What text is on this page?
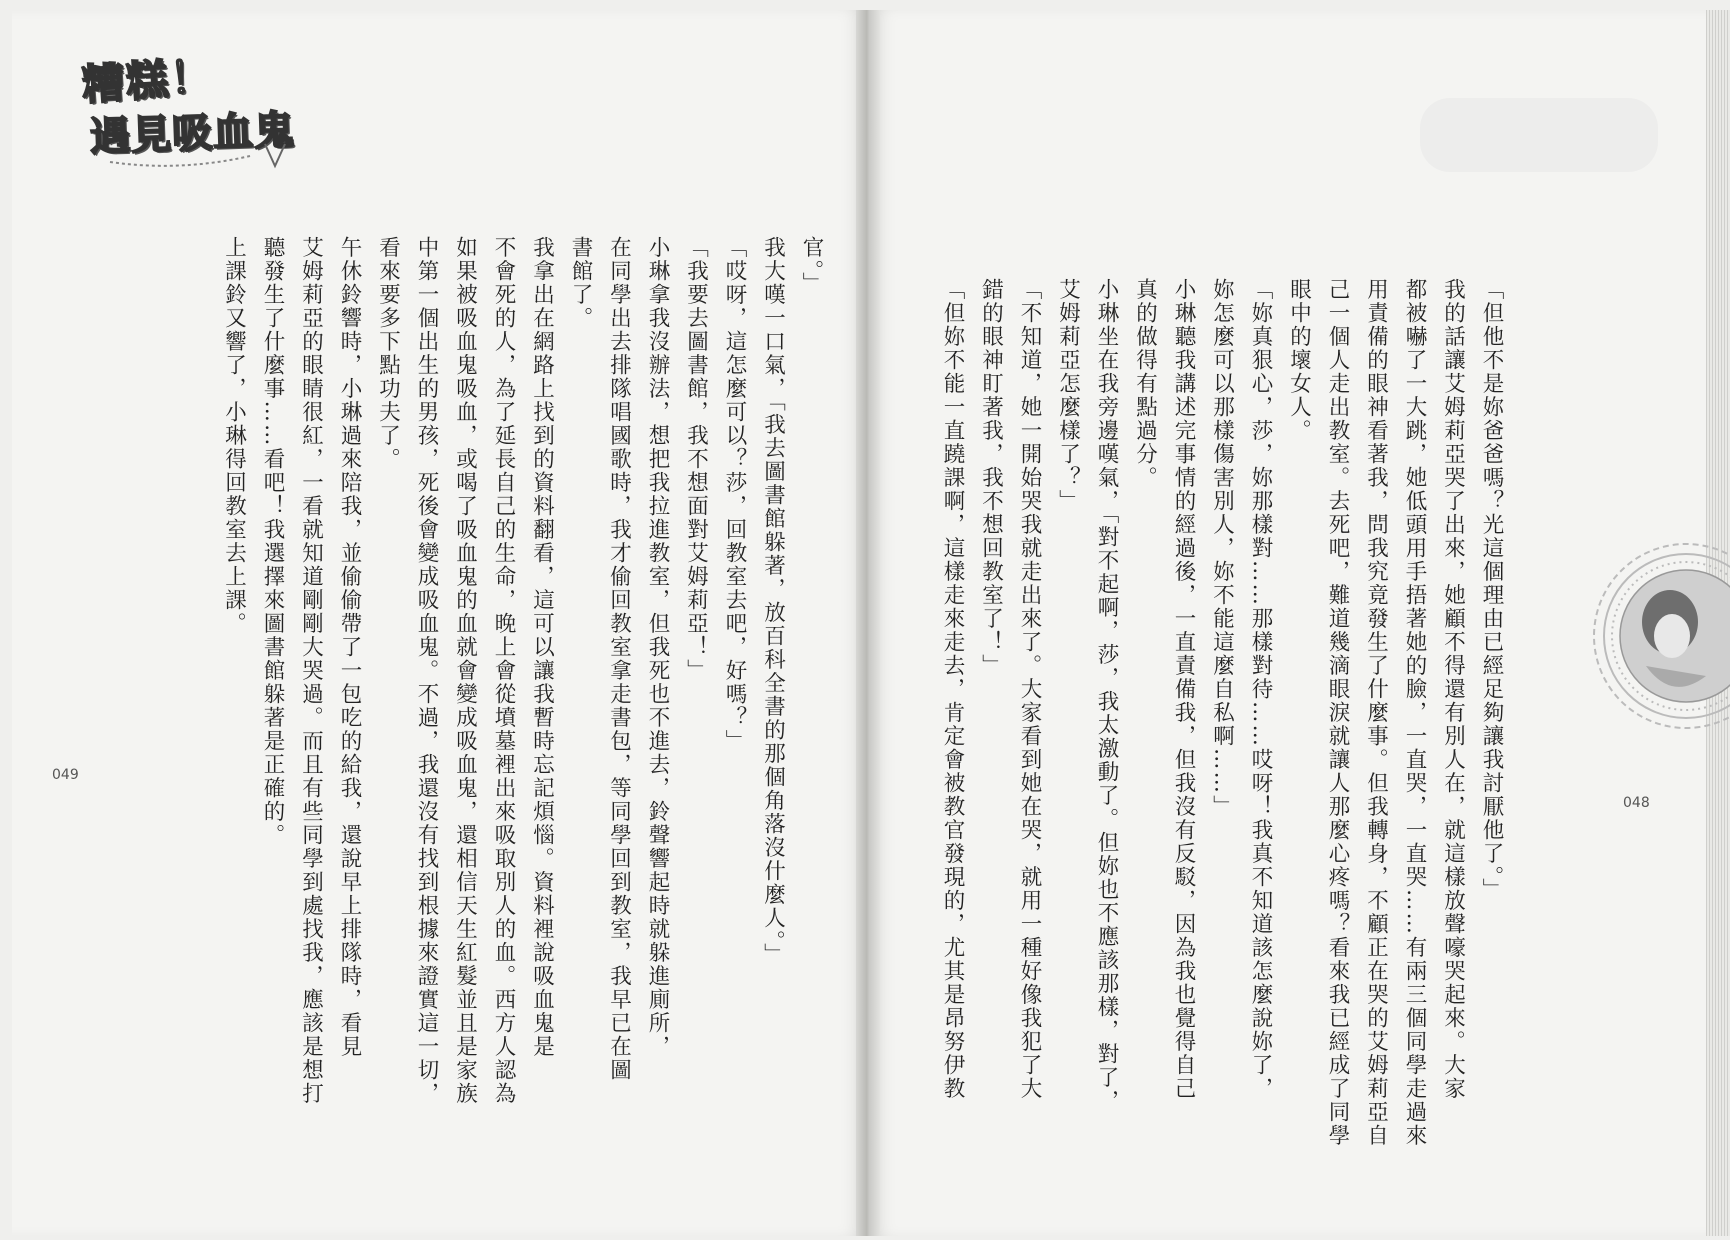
糟糕！
遇見吸血鬼

官。」

我大嘆一口氣，「我去圖書館躲著，放百科全書的那個角落沒什麼人。」

「哎呀，這怎麼可以？莎，回教室去吧，好嗎？」

「我要去圖書館，我不想面對艾姆莉亞！」

小琳拿我沒辦法，想把我拉進教室，但我死也不進去，鈴聲響起時就躲進廁所，

在同學出去排隊唱國歌時，我才偷回教室拿走書包，等同學回到教室，我早已在圖

書館了。

我拿出在網路上找到的資料翻看，這可以讓我暫時忘記煩惱。資料裡說吸血鬼是

不會死的人，為了延長自己的生命，晚上會從墳墓裡出來吸取別人的血。西方人認為

如果被吸血鬼吸血，或喝了吸血鬼的血就會變成吸血鬼，還相信天生紅髮並且是家族

中第一個出生的男孩，死後會變成吸血鬼。不過，我還沒有找到根據來證實這一切，

看來要多下點功夫了。

午休鈴響時，小琳過來陪我，並偷偷帶了一包吃的給我，還說早上排隊時，看見

艾姆莉亞的眼睛很紅，一看就知道剛剛大哭過。而且有些同學到處找我，應該是想打

聽發生了什麼事……看吧！我選擇來圖書館躲著是正確的。

上課鈴又響了，小琳得回教室去上課。

049	「但他不是妳爸爸嗎？光這個理由已經足夠讓我討厭他了。」

我的話讓艾姆莉亞哭了出來，她顧不得還有別人在，就這樣放聲嚎哭起來。大家

都被嚇了一大跳，她低頭用手捂著她的臉，一直哭，一直哭……有兩三個同學走過來

用責備的眼神看著我，問我究竟發生了什麼事。但我轉身，不顧正在哭的艾姆莉亞自

己一個人走出教室。去死吧，難道幾滴眼淚就讓人那麼心疼嗎？看來我已經成了同學

眼中的壞女人。

「妳真狠心，莎，妳那樣對……那樣對待……哎呀！我真不知道該怎麼說妳了，

妳怎麼可以那樣傷害別人，妳不能這麼自私啊……」

小琳聽我講述完事情的經過後，一直責備我，但我沒有反駁，因為我也覺得自己

真的做得有點過分。

小琳坐在我旁邊嘆氣，「對不起啊，莎，我太激動了。但妳也不應該那樣，對了，

艾姆莉亞怎麼樣了？」

「不知道，她一開始哭我就走出來了。大家看到她在哭，就用一種好像我犯了大

錯的眼神盯著我，我不想回教室了！」

「但妳不能一直蹺課啊，這樣走來走去，肯定會被教官發現的，尤其是昂努伊教	048
